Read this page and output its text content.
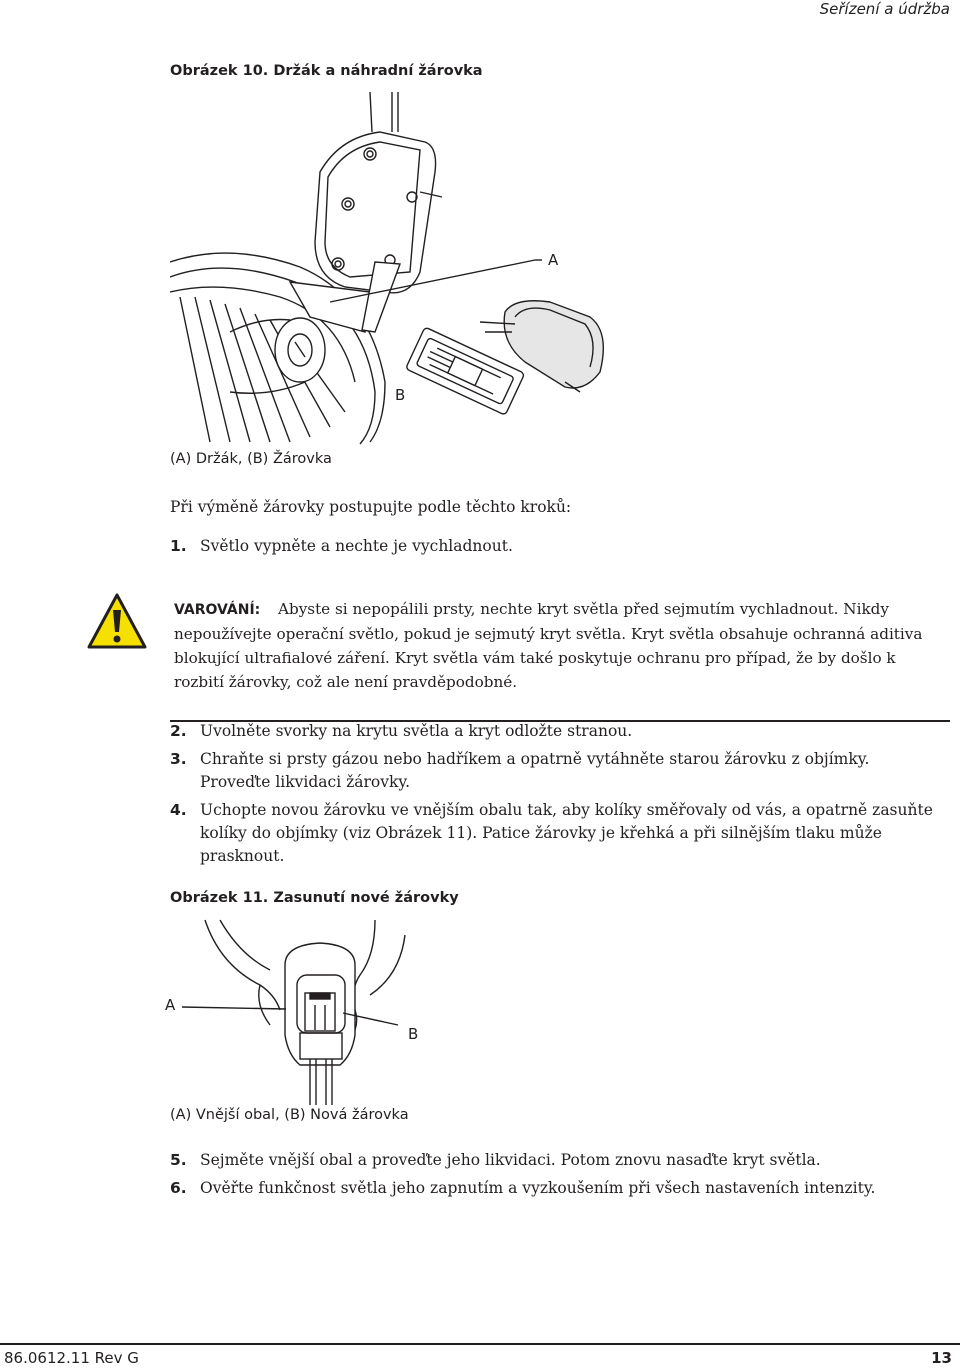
Seřízení a údržba
Obrázek 10. Držák a náhradní žárovka
A
B
(A) Držák, (B) Žárovka
Při výměně žárovky postupujte podle těchto kroků:
1. Světlo vypněte a nechte je vychladnout.
VAROVÁNÍ: Abyste si nepopálili prsty, nechte kryt světla před sejmutím vychladnout. Nikdy nepoužívejte operační světlo, pokud je sejmutý kryt světla. Kryt světla obsahuje ochranná aditiva blokující ultrafialové záření. Kryt světla vám také poskytuje ochranu pro případ, že by došlo k rozbití žárovky, což ale není pravděpodobné.
2. Uvolněte svorky na krytu světla a kryt odložte stranou.
3. Chraňte si prsty gázou nebo hadříkem a opatrně vytáhněte starou žárovku z objímky. Proveďte likvidaci žárovky.
4. Uchopte novou žárovku ve vnějším obalu tak, aby kolíky směřovaly od vás, a opatrně zasuňte kolíky do objímky (viz Obrázek 11). Patice žárovky je křehká a při silnějším tlaku může prasknout.
Obrázek 11. Zasunutí nové žárovky
A
B
(A) Vnější obal, (B) Nová žárovka
5. Sejměte vnější obal a proveďte jeho likvidaci. Potom znovu nasaďte kryt světla.
6. Ověřte funkčnost světla jeho zapnutím a vyzkoušením při všech nastaveních intenzity.
86.0612.11 Rev G	13
